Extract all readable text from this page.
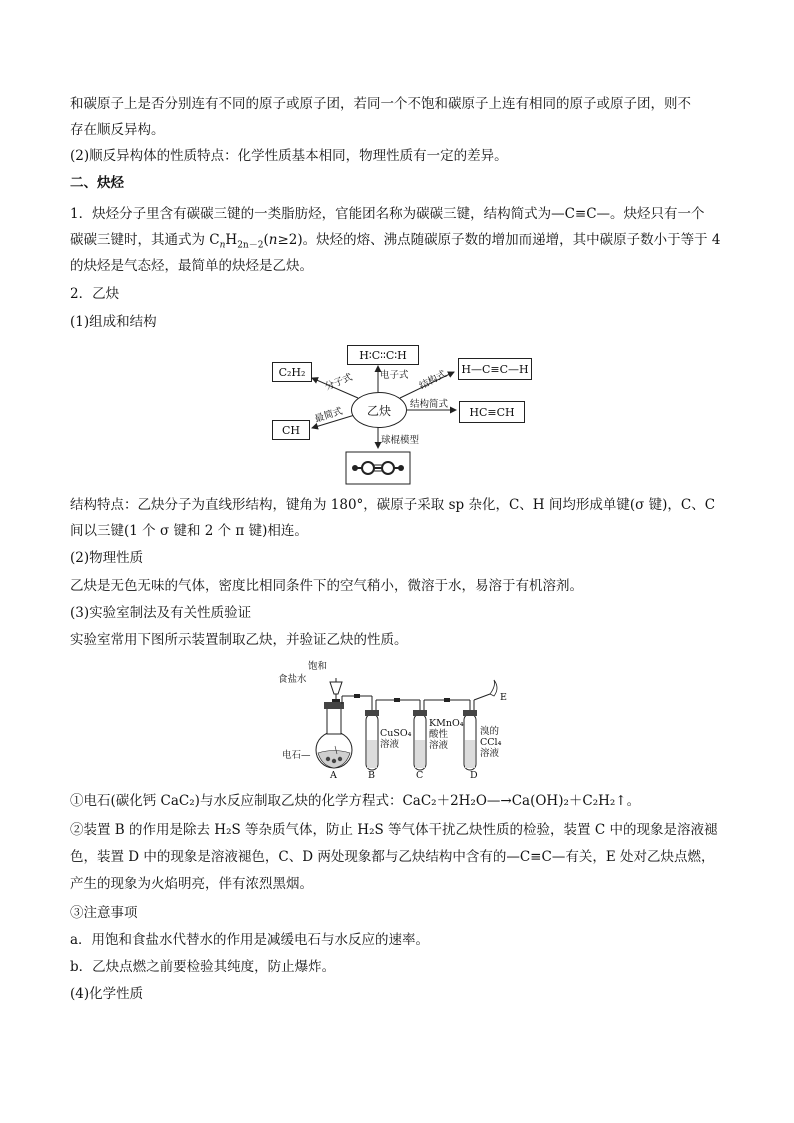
和碳原子上是否分别连有不同的原子或原子团，若同一个不饱和碳原子上连有相同的原子或原子团，则不
存在顺反异构。
(2)顺反异构体的性质特点：化学性质基本相同，物理性质有一定的差异。
二、炔烃
1．炔烃分子里含有碳碳三键的一类脂肪烃，官能团名称为碳碳三键，结构简式为—C≡C—。炔烃只有一个
碳碳三键时，其通式为 $C_nH_{2n-2}(n\ge 2)$。炔烃的熔、沸点随碳原子数的增加而递增，其中碳原子数小于等于 4
的炔烃是气态烃，最简单的炔烃是乙炔。
2．乙炔
(1)组成和结构
H∶C∶∶C∶H
电子式
C₂H₂	分子式
CH
最简式
H—C≡C—H
结构式
HC≡CH
结构简式
乙炔
球棍模型
结构特点：乙炔分子为直线形结构，键角为 180°，碳原子采取 sp 杂化，C、H 间均形成单键(σ 键)，C、C
间以三键(1 个 σ 键和 2 个 π 键)相连。
(2)物理性质
乙炔是无色无味的气体，密度比相同条件下的空气稍小，微溶于水，易溶于有机溶剂。
(3)实验室制法及有关性质验证
实验室常用下图所示装置制取乙炔，并验证乙炔的性质。
饱和
食盐水
电石—
CuSO₄
溶液
KMnO₄
酸性
溶液
溴的
CCl₄
溶液
A	B	C	D
E
①电石(碳化钙 CaC₂)与水反应制取乙炔的化学方程式：CaC₂＋2H₂O—→Ca(OH)₂＋C₂H₂↑。
②装置 B 的作用是除去 H₂S 等杂质气体，防止 H₂S 等气体干扰乙炔性质的检验，装置 C 中的现象是溶液褪
色，装置 D 中的现象是溶液褪色，C、D 两处现象都与乙炔结构中含有的—C≡C—有关，E 处对乙炔点燃，
产生的现象为火焰明亮，伴有浓烈黑烟。
③注意事项
a．用饱和食盐水代替水的作用是减缓电石与水反应的速率。
b．乙炔点燃之前要检验其纯度，防止爆炸。
(4)化学性质
